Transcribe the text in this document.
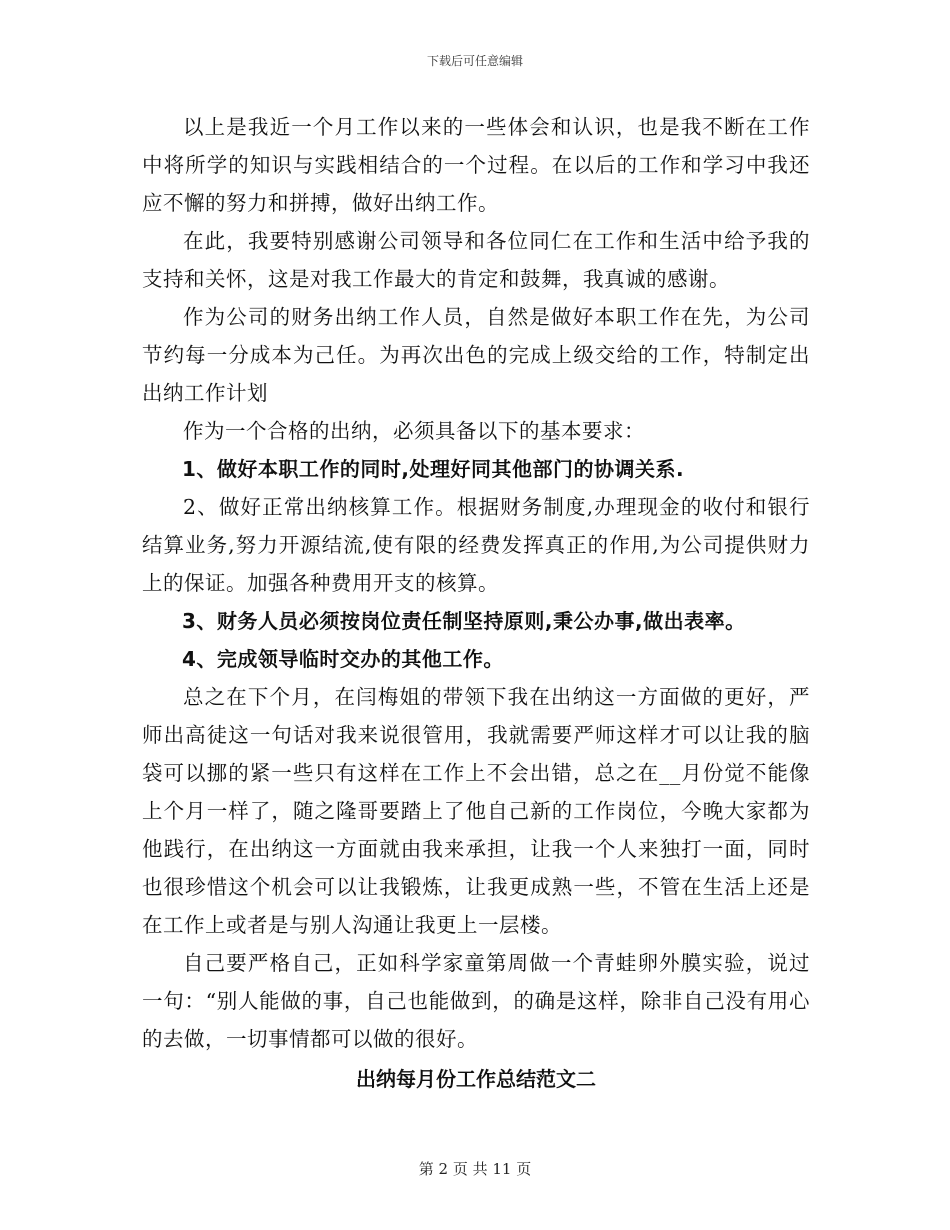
下载后可任意编辑

以上是我近一个月工作以来的一些体会和认识，也是我不断在工作中将所学的知识与实践相结合的一个过程。在以后的工作和学习中我还应不懈的努力和拼搏，做好出纳工作。

在此，我要特别感谢公司领导和各位同仁在工作和生活中给予我的支持和关怀，这是对我工作最大的肯定和鼓舞，我真诚的感谢。

作为公司的财务出纳工作人员，自然是做好本职工作在先，为公司节约每一分成本为己任。为再次出色的完成上级交给的工作，特制定出出纳工作计划

作为一个合格的出纳，必须具备以下的基本要求：

1、做好本职工作的同时,处理好同其他部门的协调关系.

2、做好正常出纳核算工作。根据财务制度,办理现金的收付和银行结算业务,努力开源结流,使有限的经费发挥真正的作用,为公司提供财力上的保证。加强各种费用开支的核算。

3、财务人员必须按岗位责任制坚持原则,秉公办事,做出表率。

4、完成领导临时交办的其他工作。

总之在下个月，在闫梅姐的带领下我在出纳这一方面做的更好，严师出高徒这一句话对我来说很管用，我就需要严师这样才可以让我的脑袋可以挪的紧一些只有这样在工作上不会出错，总之在__月份觉不能像上个月一样了，随之隆哥要踏上了他自己新的工作岗位，今晚大家都为他践行，在出纳这一方面就由我来承担，让我一个人来独打一面，同时也很珍惜这个机会可以让我锻炼，让我更成熟一些，不管在生活上还是在工作上或者是与别人沟通让我更上一层楼。

自己要严格自己，正如科学家童第周做一个青蛙卵外膜实验，说过一句：“别人能做的事，自己也能做到，的确是这样，除非自己没有用心的去做，一切事情都可以做的很好。

出纳每月份工作总结范文二
第 2 页 共 11 页
